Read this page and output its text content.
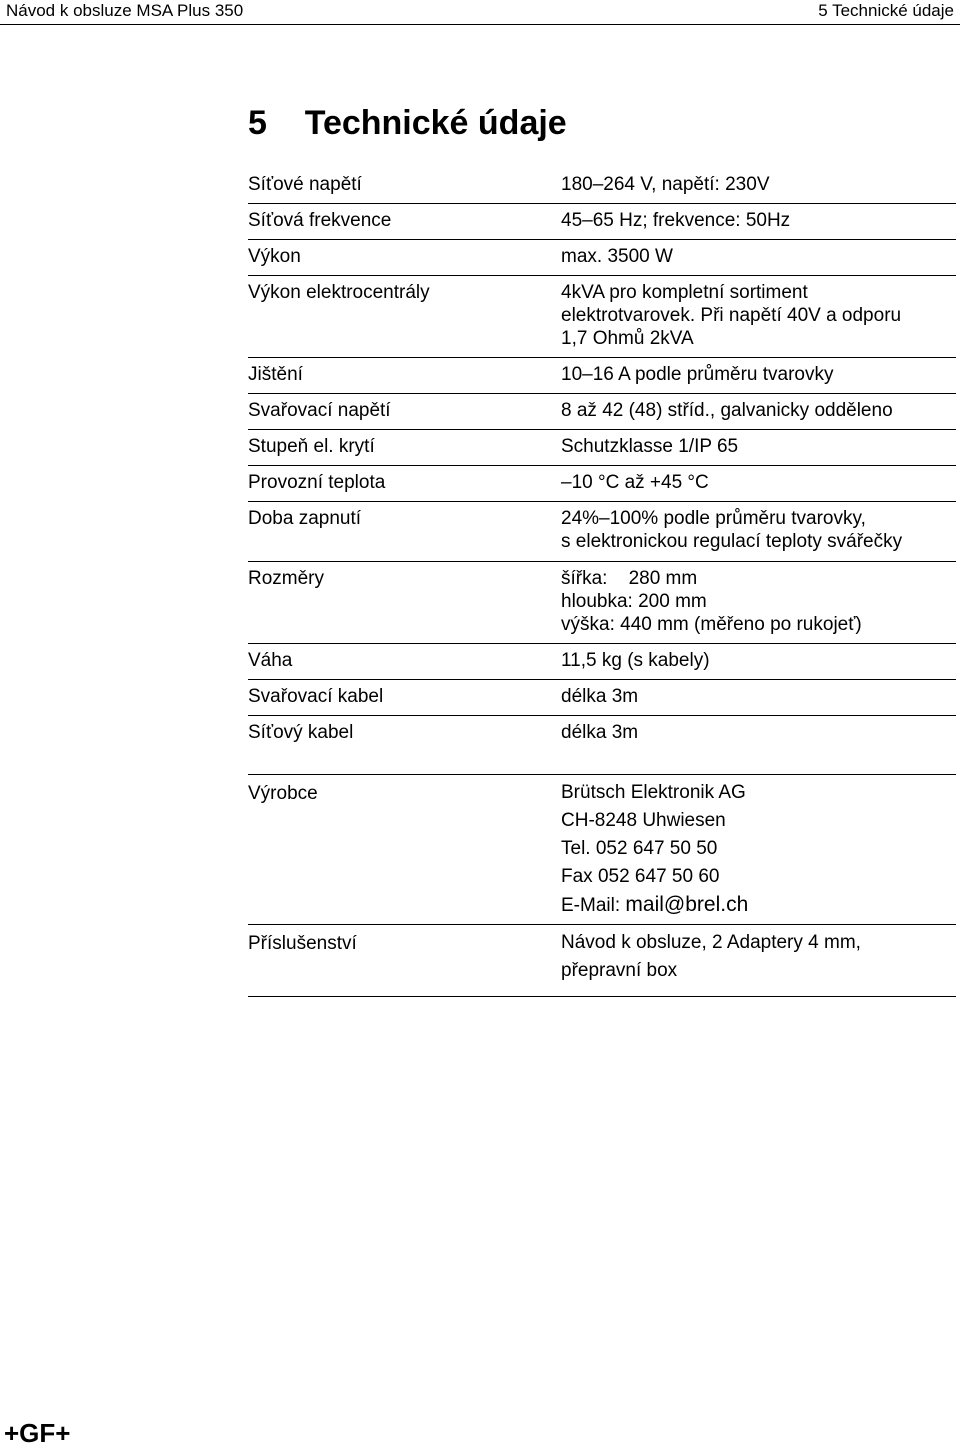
Návod k obsluze MSA Plus 350	5 Technické údaje
5    Technické údaje
Síťové napětí	180–264 V, napětí: 230V
Síťová frekvence	45–65 Hz; frekvence: 50Hz
Výkon	max. 3500 W
Výkon elektrocentrály	4kVA pro kompletní sortiment
elektrotvarovek. Při napětí 40V a odporu
1,7 Ohmů 2kVA
Jištění	10–16 A podle průměru tvarovky
Svařovací napětí	8 až 42 (48) stříd., galvanicky odděleno
Stupeň el. krytí	Schutzklasse 1/IP 65
Provozní teplota	–10 °C až +45 °C
Doba zapnutí	24%–100% podle průměru tvarovky,
s elektronickou regulací teploty svářečky
Rozměry	šířka:    280 mm
hloubka: 200 mm
výška: 440 mm (měřeno po rukojeť)
Váha	11,5 kg (s kabely)
Svařovací kabel	délka 3m
Síťový kabel	délka 3m
Výrobce	Brütsch Elektronik AG
CH-8248 Uhwiesen
Tel. 052 647 50 50
Fax 052 647 50 60
E-Mail: mail@brel.ch
Příslušenství	Návod k obsluze, 2 Adaptery 4 mm,
přepravní box
+GF+
